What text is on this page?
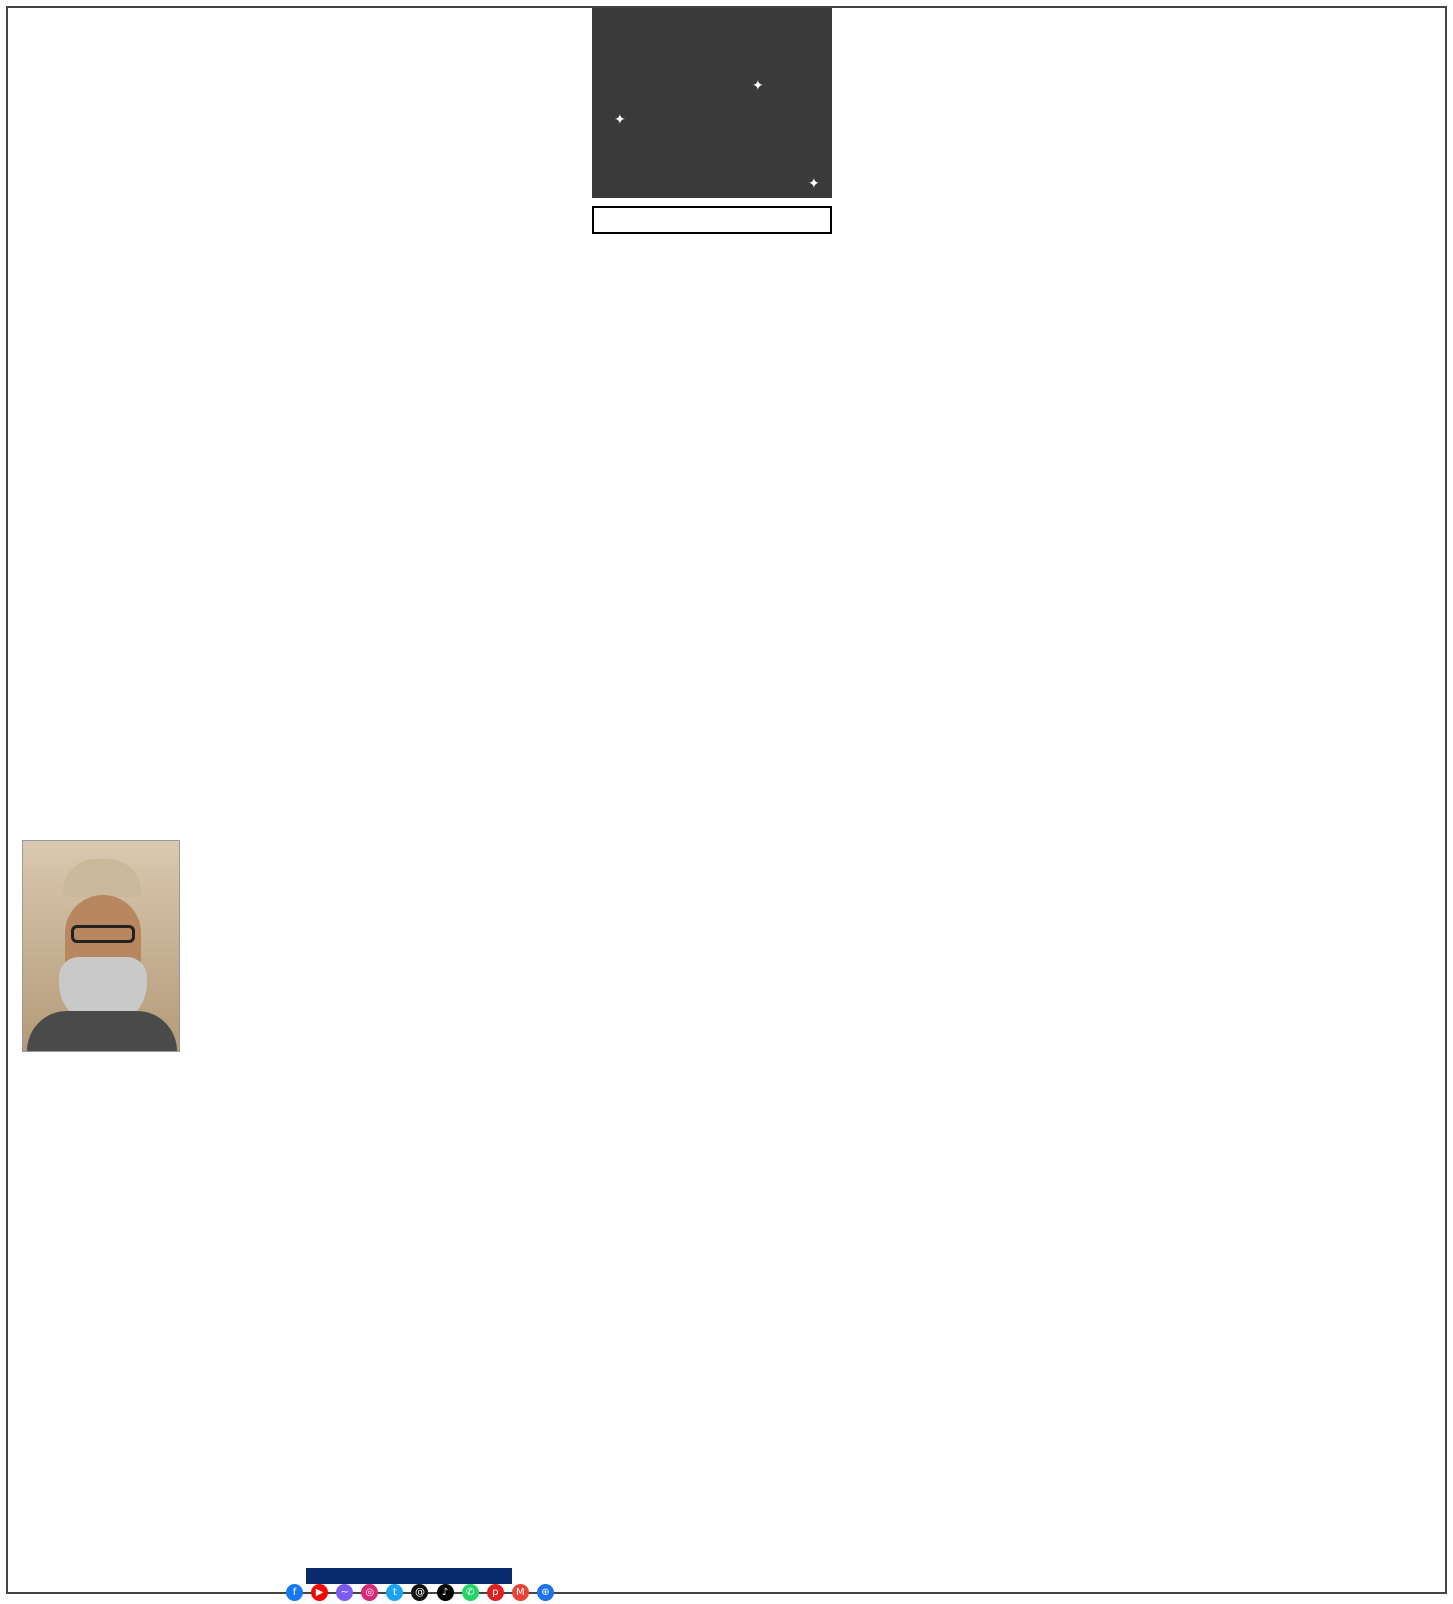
✦
✦
✦
f ▶ ~ ◎ t @ ♪ ✆ p M ⊕
